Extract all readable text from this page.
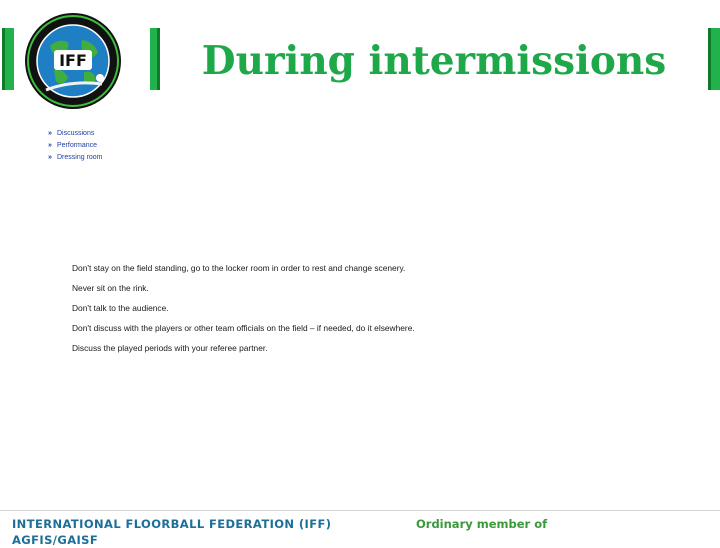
IFF	During intermissions
» Discussions
» Performance
» Dressing room

Don't stay on the field standing, go to the locker room in order to rest and change scenery.

Never sit on the rink.

Don't talk to the audience.

Don't discuss with the players or other team officials on the field – if needed, do it elsewhere.

Discuss the played periods with your referee partner.

INTERNATIONAL FLOORBALL FEDERATION (IFF) AGFIS/GAISF
Ordinary member of
